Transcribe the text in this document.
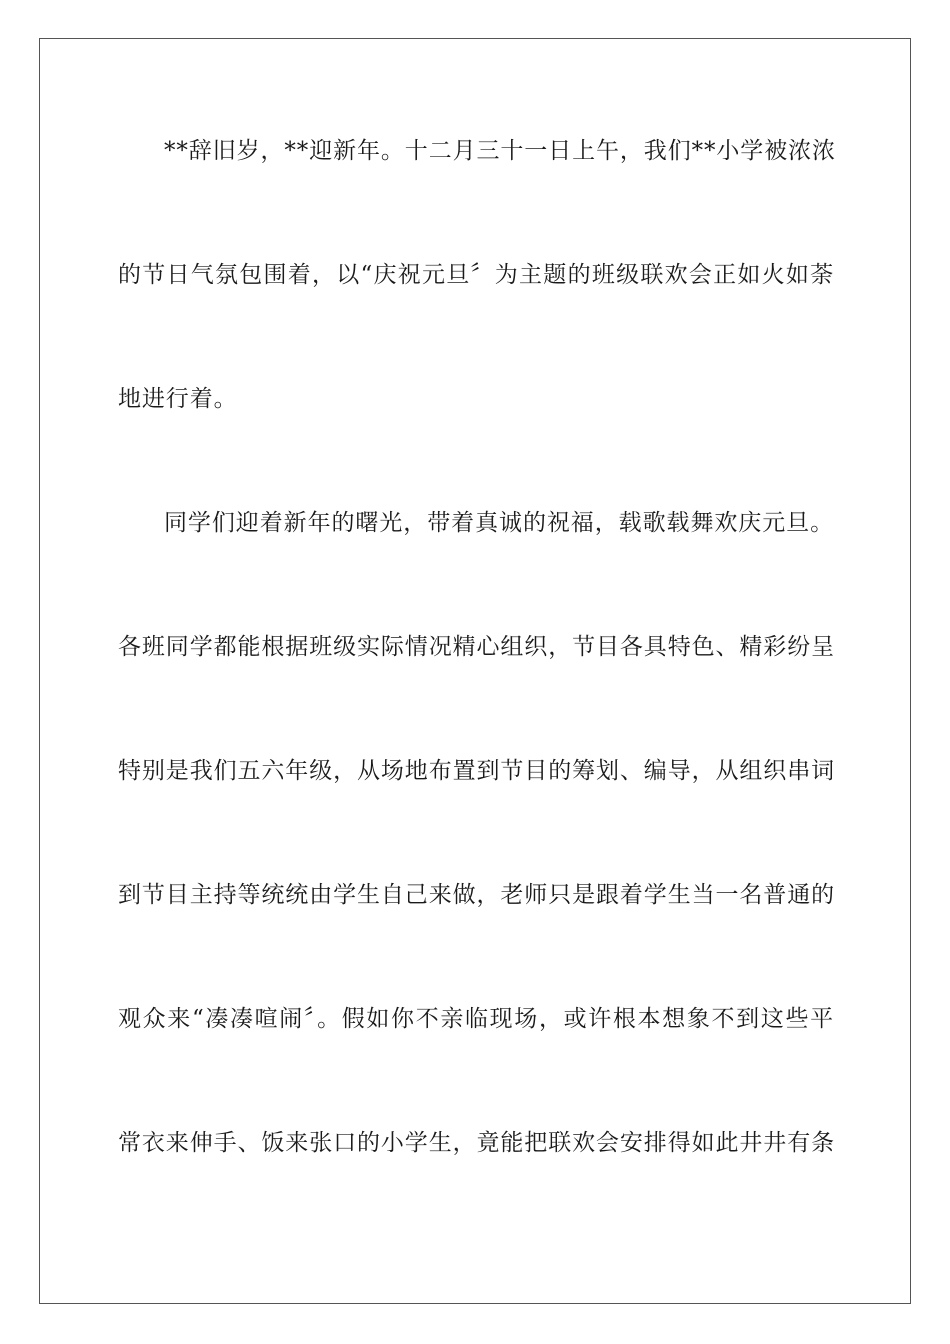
**辞旧岁，**迎新年。十二月三十一日上午，我们**小学被浓浓
的节日气氛包围着，以“庆祝元旦〞为主题的班级联欢会正如火如荼
地进行着。
同学们迎着新年的曙光，带着真诚的祝福，载歌载舞欢庆元旦。
各班同学都能根据班级实际情况精心组织，节目各具特色、精彩纷呈
特别是我们五六年级，从场地布置到节目的筹划、编导，从组织串词
到节目主持等统统由学生自己来做，老师只是跟着学生当一名普通的
观众来“凑凑喧闹〞。假如你不亲临现场，或许根本想象不到这些平
常衣来伸手、饭来张口的小学生，竟能把联欢会安排得如此井井有条
